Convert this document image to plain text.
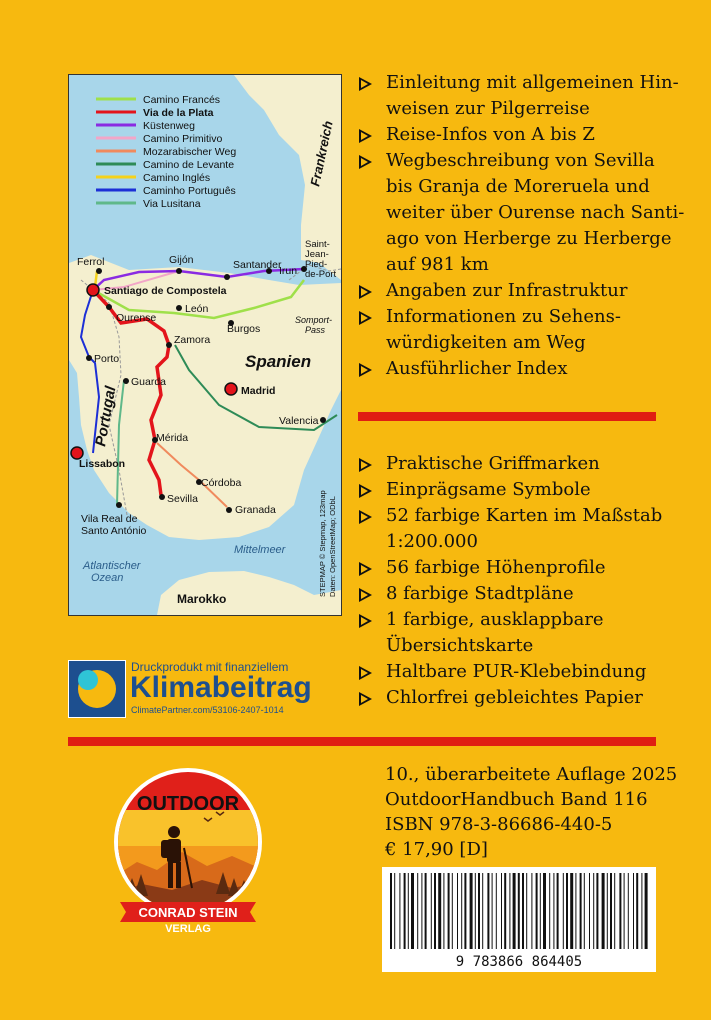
Camino Francés
Via de la Plata
Küstenweg
Camino Primitivo
Mozarabischer Weg
Camino de Levante
Camino Inglés
Caminho Português
Via Lusitana
Frankreich
Spanien
Portugal
Marokko
Mittelmeer
Atlantischer
Ozean
Ferrol	Gijón	Santander
Irun
Saint-
Jean-
Pied-
de-Port
Santiago de Compostela
León
Ourense
Burgos
Somport-
Pass
Zamora
Porto
Guarda
Madrid
Valencia
Lissabon
Mérida
Córdoba
Sevilla
Granada
Vila Real de
Santo António	STEPMAP © Stepmap, 123map Daten: OpenStreetMap; ODbL
Einleitung mit allgemeinen Hin-
weisen zur Pilgerreise
Reise-Infos von A bis Z
Wegbeschreibung von Sevilla
bis Granja de Moreruela und
weiter über Ourense nach Santi-
ago von Herberge zu Herberge
auf 981 km
Angaben zur Infrastruktur
Informationen zu Sehens-
würdigkeiten am Weg
Ausführlicher Index
Praktische Griffmarken
Einprägsame Symbole
52 farbige Karten im Maßstab
1:200.000
56 farbige Höhenprofile
8 farbige Stadtpläne
1 farbige, ausklappbare
Übersichtskarte
Haltbare PUR-Klebebindung
Chlorfrei gebleichtes Papier
Druckprodukt mit finanziellem
Klimabeitrag
ClimatePartner.com/53106-2407-1014
OUTDOOR
CONRAD STEIN
VERLAG
10., überarbeitete Auflage 2025
OutdoorHandbuch Band 116
ISBN 978-3-86686-440-5
€ 17,90 [D]
9 783866 864405
